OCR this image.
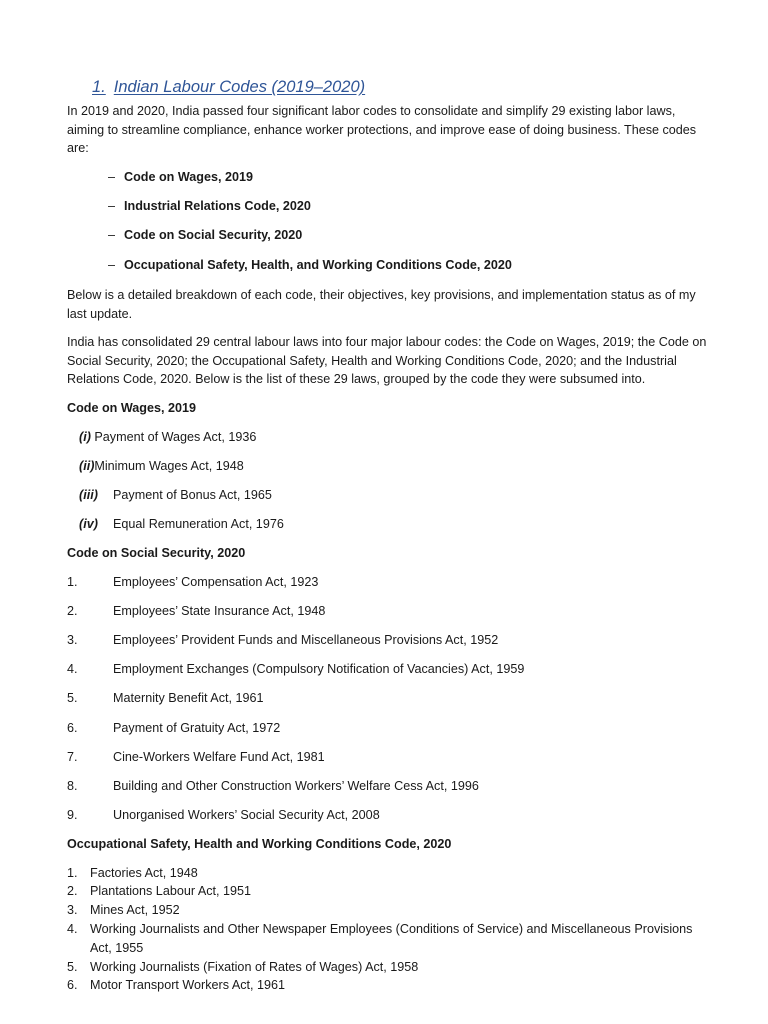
1. Indian Labour Codes (2019–2020)

In 2019 and 2020, India passed four significant labor codes to consolidate and simplify 29 existing labor laws, aiming to streamline compliance, enhance worker protections, and improve ease of doing business. These codes are:

– Code on Wages, 2019
– Industrial Relations Code, 2020
– Code on Social Security, 2020
– Occupational Safety, Health, and Working Conditions Code, 2020

Below is a detailed breakdown of each code, their objectives, key provisions, and implementation status as of my last update.

India has consolidated 29 central labour laws into four major labour codes: the Code on Wages, 2019; the Code on Social Security, 2020; the Occupational Safety, Health and Working Conditions Code, 2020; and the Industrial Relations Code, 2020. Below is the list of these 29 laws, grouped by the code they were subsumed into.

Code on Wages, 2019
(i) Payment of Wages Act, 1936
(ii)Minimum Wages Act, 1948
(iii) Payment of Bonus Act, 1965
(iv) Equal Remuneration Act, 1976
Code on Social Security, 2020
1.	Employees’ Compensation Act, 1923
2.	Employees’ State Insurance Act, 1948
3.	Employees’ Provident Funds and Miscellaneous Provisions Act, 1952
4.	Employment Exchanges (Compulsory Notification of Vacancies) Act, 1959
5.	Maternity Benefit Act, 1961
6.	Payment of Gratuity Act, 1972
7.	Cine-Workers Welfare Fund Act, 1981
8.	Building and Other Construction Workers’ Welfare Cess Act, 1996
9.	Unorganised Workers’ Social Security Act, 2008
Occupational Safety, Health and Working Conditions Code, 2020
1. Factories Act, 1948
2. Plantations Labour Act, 1951
3. Mines Act, 1952
4. Working Journalists and Other Newspaper Employees (Conditions of Service) and Miscellaneous Provisions Act, 1955
5. Working Journalists (Fixation of Rates of Wages) Act, 1958
6. Motor Transport Workers Act, 1961
